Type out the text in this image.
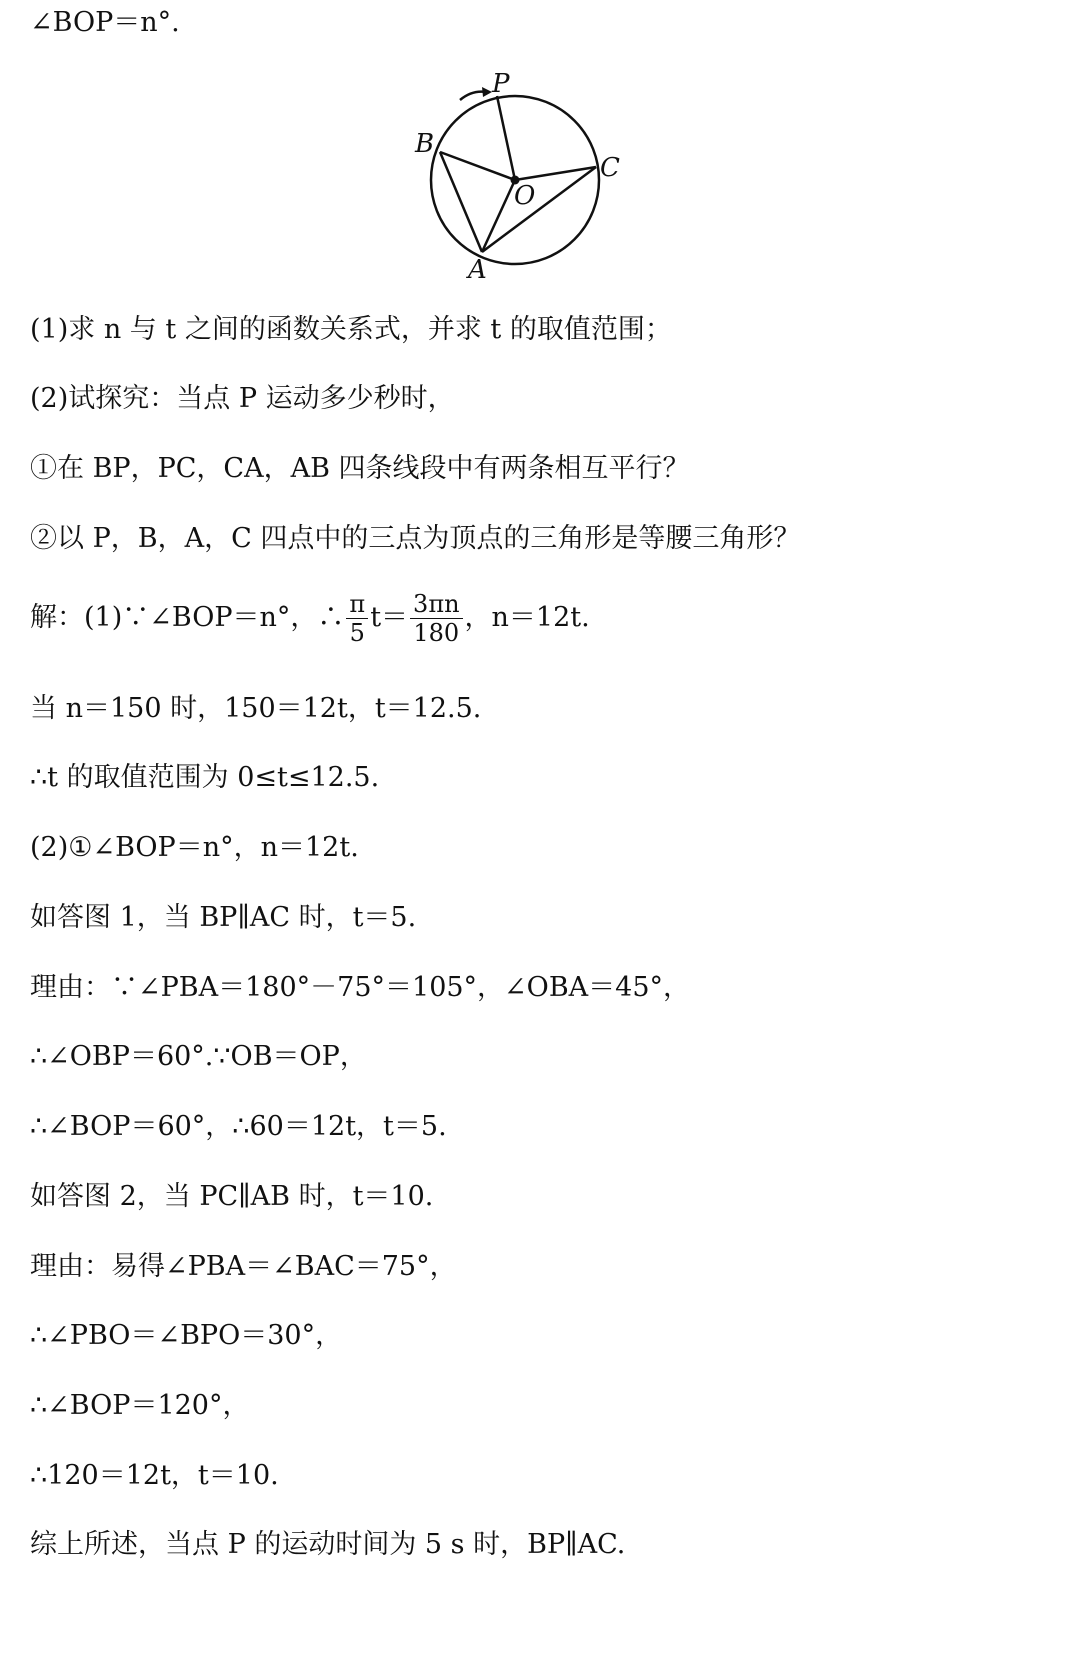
∠BOP＝n°.
P
B
C
O
A
(1)求 n 与 t 之间的函数关系式，并求 t 的取值范围；
(2)试探究：当点 P 运动多少秒时，
①在 BP，PC，CA，AB 四条线段中有两条相互平行？
②以 P，B，A，C 四点中的三点为顶点的三角形是等腰三角形？
解：(1)∵∠BOP＝n°，∴ $\frac{\pi}{5} t= \frac{3\pi n}{180}$ ，n＝12t.
当 n＝150 时，150＝12t，t＝12.5.
∴t 的取值范围为 0≤t≤12.5.
(2)①∠BOP＝n°，n＝12t.
如答图 1，当 BP∥AC 时，t＝5.
理由：∵∠PBA＝180°－75°＝105°，∠OBA＝45°，
∴∠OBP＝60°.∵OB＝OP，
∴∠BOP＝60°，∴60＝12t，t＝5.
如答图 2，当 PC∥AB 时，t＝10.
理由：易得∠PBA＝∠BAC＝75°，
∴∠PBO＝∠BPO＝30°，
∴∠BOP＝120°，
∴120＝12t，t＝10.
综上所述，当点 P 的运动时间为 5 s 时，BP∥AC.
